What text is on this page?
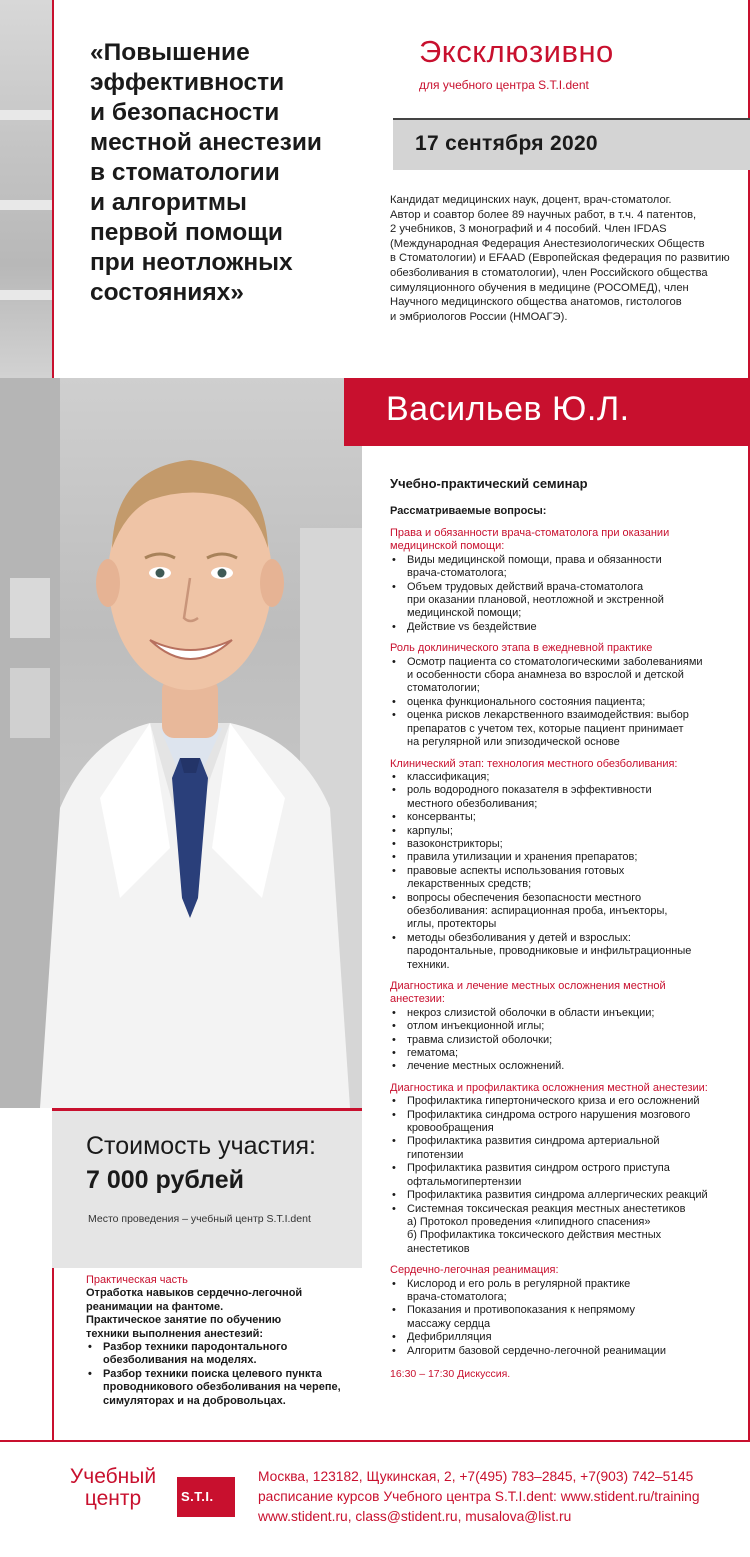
«Повышение
эффективности
и безопасности
местной анестезии
в стоматологии
и алгоритмы
первой помощи
при неотложных
состояниях»
Эксклюзивно
для учебного центра S.T.I.dent
17 сентября 2020
Кандидат медицинских наук, доцент, врач-стоматолог.
Автор и соавтор более 89 научных работ, в т.ч. 4 патентов,
2 учебников, 3 монографий и 4 пособий. Член IFDAS
(Международная Федерация Анестезиологических Обществ
в Стоматологии) и EFAAD (Европейская федерация по развитию
обезболивания в стоматологии), член Российского общества
симуляционного обучения в медицине (РОСОМЕД), член
Научного медицинского общества анатомов, гистологов
и эмбриологов России (НМОАГЭ).
Васильев Ю.Л.
Учебно-практический семинар
Рассматриваемые вопросы:
Права и обязанности врача-стоматолога при оказании
медицинской помощи:
• Виды медицинской помощи, права и обязанности
врача-стоматолога;
• Объем трудовых действий врача-стоматолога
при оказании плановой, неотложной и экстренной
медицинской помощи;
• Действие vs бездействие
Роль доклинического этапа в ежедневной практике
• Осмотр пациента со стоматологическими заболеваниями
и особенности сбора анамнеза во взрослой и детской
стоматологии;
• оценка функционального состояния пациента;
• оценка рисков лекарственного взаимодействия: выбор
препаратов с учетом тех, которые пациент принимает
на регулярной или эпизодической основе
Клинический этап: технология местного обезболивания:
• классификация;
• роль водородного показателя в эффективности
местного обезболивания;
• консерванты;
• карпулы;
• вазоконстрикторы;
• правила утилизации и хранения препаратов;
• правовые аспекты использования готовых
лекарственных средств;
• вопросы обеспечения безопасности местного
обезболивания: аспирационная проба, инъекторы,
иглы, протекторы
• методы обезболивания у детей и взрослых:
пародонтальные, проводниковые и инфильтрационные
техники.
Диагностика и лечение местных осложнения местной
анестезии:
• некроз слизистой оболочки в области инъекции;
• отлом инъекционной иглы;
• травма слизистой оболочки;
• гематома;
• лечение местных осложнений.
Диагностика и профилактика осложнения местной анестезии:
• Профилактика гипертонического криза и его осложнений
• Профилактика синдрома острого нарушения мозгового
кровообращения
• Профилактика развития синдрома артериальной
гипотензии
• Профилактика развития синдром острого приступа
офтальмогипертензии
• Профилактика развития синдрома аллергических реакций
• Системная токсическая реакция местных анестетиков
а) Протокол проведения «липидного спасения»
б) Профилактика токсического действия местных
анестетиков
Сердечно-легочная реанимация:
• Кислород и его роль в регулярной практике
врача-стоматолога;
• Показания и противопоказания к непрямому
массажу сердца
• Дефибрилляция
• Алгоритм базовой сердечно-легочной реанимации
16:30 – 17:30 Дискуссия.
Стоимость участия:
7 000 рублей
Место проведения – учебный центр S.T.I.dent
Практическая часть
Отработка навыков сердечно-легочной
реанимации на фантоме.
Практическое занятие по обучению
техники выполнения анестезий:
• Разбор техники пародонтального
обезболивания на моделях.
• Разбор техники поиска целевого пункта
проводникового обезболивания на черепе,
симуляторах и на добровольцах.
Учебный
центр	S.T.I.
Москва, 123182, Щукинская, 2, +7(495) 783–2845, +7(903) 742–5145
расписание курсов Учебного центра S.T.I.dent: www.stident.ru/training
www.stident.ru, class@stident.ru, musalova@list.ru
